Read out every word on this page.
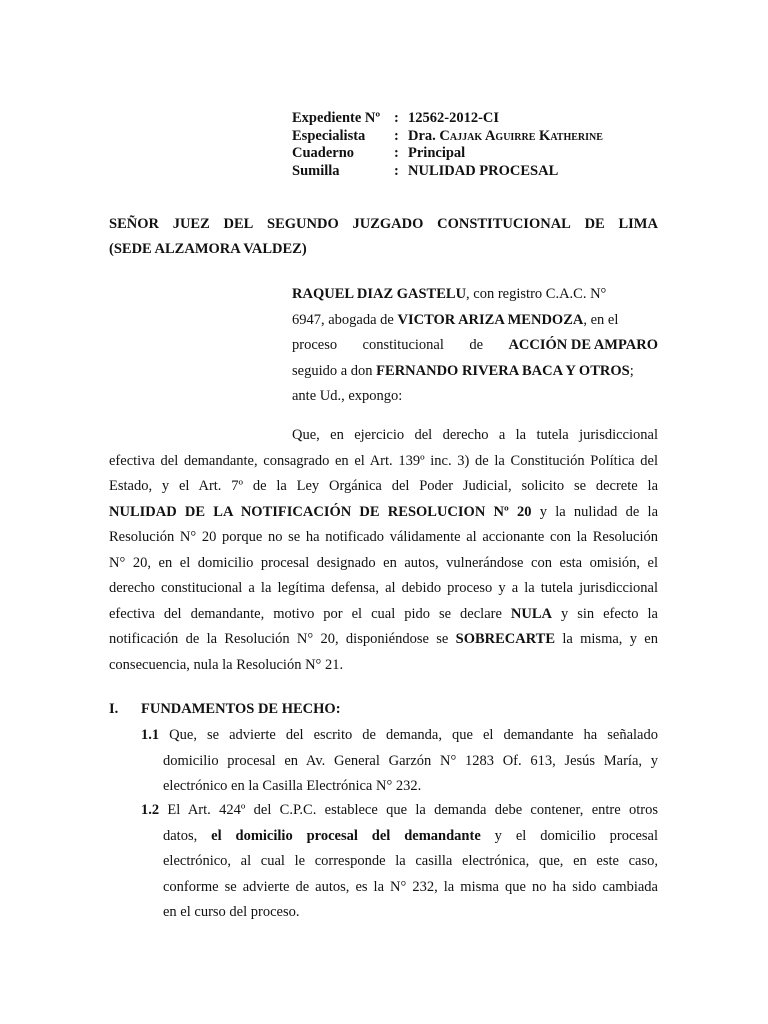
Expediente Nº : 12562-2012-CI
Especialista	: Dra. Cajjak Aguirre Katherine
Cuaderno	: Principal
Sumilla	: NULIDAD PROCESAL
SEÑOR JUEZ DEL SEGUNDO JUZGADO CONSTITUCIONAL DE LIMA
(SEDE ALZAMORA VALDEZ)
RAQUEL DIAZ GASTELU, con registro C.A.C. N°
6947, abogada de VICTOR ARIZA MENDOZA, en el
proceso constitucional de ACCIÓN DE AMPARO
seguido a don FERNANDO RIVERA BACA Y OTROS;
ante Ud., expongo:
Que, en ejercicio del derecho a la tutela jurisdiccional
efectiva del demandante, consagrado en el Art. 139º inc. 3) de la Constitución Política del
Estado, y el Art. 7º de la Ley Orgánica del Poder Judicial, solicito se decrete la
NULIDAD DE LA NOTIFICACIÓN DE RESOLUCION Nº 20 y la nulidad de la
Resolución N° 20 porque no se ha notificado válidamente al accionante con la Resolución
N° 20, en el domicilio procesal designado en autos, vulnerándose con esta omisión, el
derecho constitucional a la legítima defensa, al debido proceso y a la tutela jurisdiccional
efectiva del demandante, motivo por el cual pido se declare NULA y sin efecto la
notificación de la Resolución N° 20, disponiéndose se SOBRECARTE la misma, y en
consecuencia, nula la Resolución N° 21.
I. FUNDAMENTOS DE HECHO:
1.1 Que, se advierte del escrito de demanda, que el demandante ha señalado
domicilio procesal en Av. General Garzón N° 1283 Of. 613, Jesús María, y
electrónico en la Casilla Electrónica N° 232.
1.2 El Art. 424º del C.P.C. establece que la demanda debe contener, entre otros
datos, el domicilio procesal del demandante y el domicilio procesal
electrónico, al cual le corresponde la casilla electrónica, que, en este caso,
conforme se advierte de autos, es la N° 232, la misma que no ha sido cambiada
en el curso del proceso.
